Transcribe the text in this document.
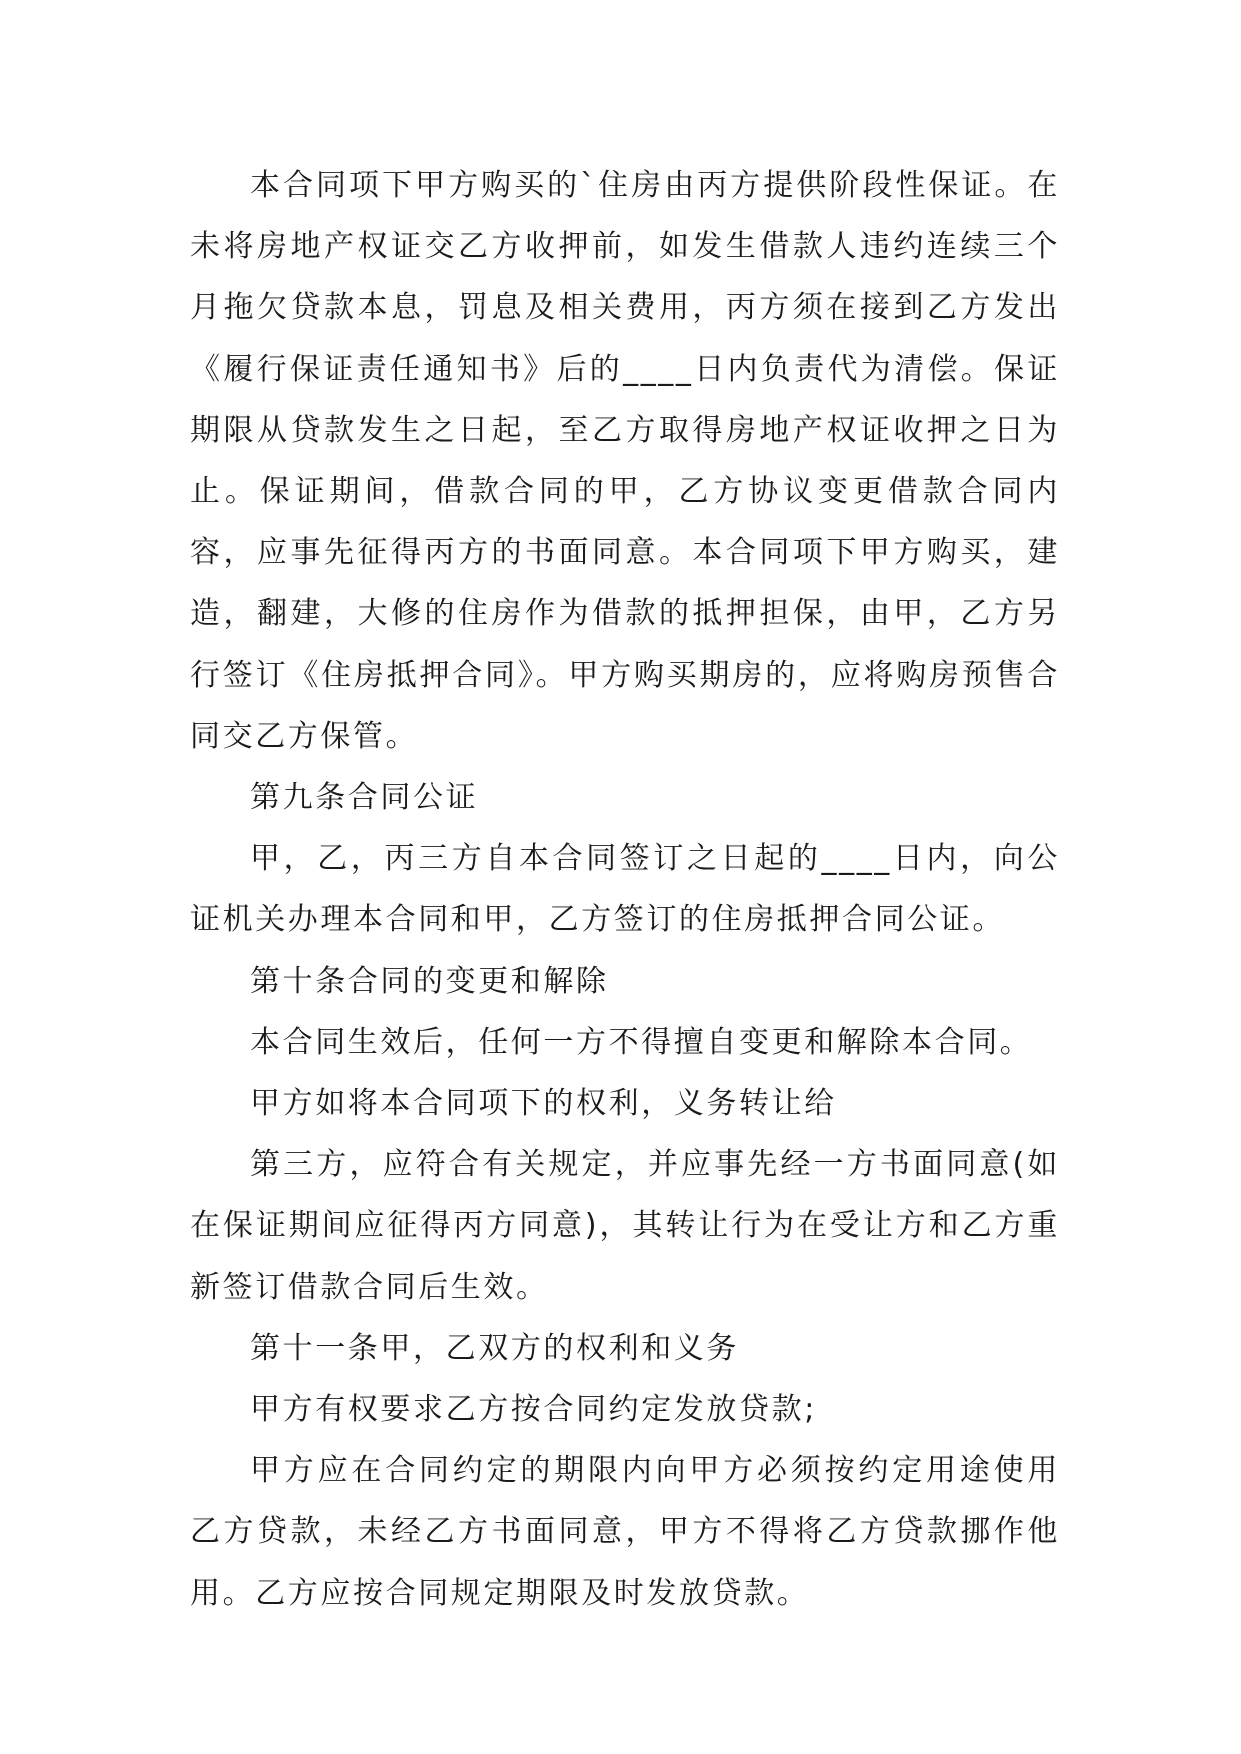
本合同项下甲方购买的`住房由丙方提供阶段性保证。在未将房地产权证交乙方收押前，如发生借款人违约连续三个月拖欠贷款本息，罚息及相关费用，丙方须在接到乙方发出《履行保证责任通知书》后的____日内负责代为清偿。保证期限从贷款发生之日起，至乙方取得房地产权证收押之日为止。保证期间，借款合同的甲，乙方协议变更借款合同内容，应事先征得丙方的书面同意。本合同项下甲方购买，建造，翻建，大修的住房作为借款的抵押担保，由甲，乙方另行签订《住房抵押合同》。甲方购买期房的，应将购房预售合同交乙方保管。

第九条合同公证

甲，乙，丙三方自本合同签订之日起的____日内，向公证机关办理本合同和甲，乙方签订的住房抵押合同公证。

第十条合同的变更和解除

本合同生效后，任何一方不得擅自变更和解除本合同。

甲方如将本合同项下的权利，义务转让给

第三方，应符合有关规定，并应事先经一方书面同意(如在保证期间应征得丙方同意)，其转让行为在受让方和乙方重新签订借款合同后生效。

第十一条甲，乙双方的权利和义务

甲方有权要求乙方按合同约定发放贷款;

甲方应在合同约定的期限内向甲方必须按约定用途使用乙方贷款，未经乙方书面同意，甲方不得将乙方贷款挪作他用。乙方应按合同规定期限及时发放贷款。
